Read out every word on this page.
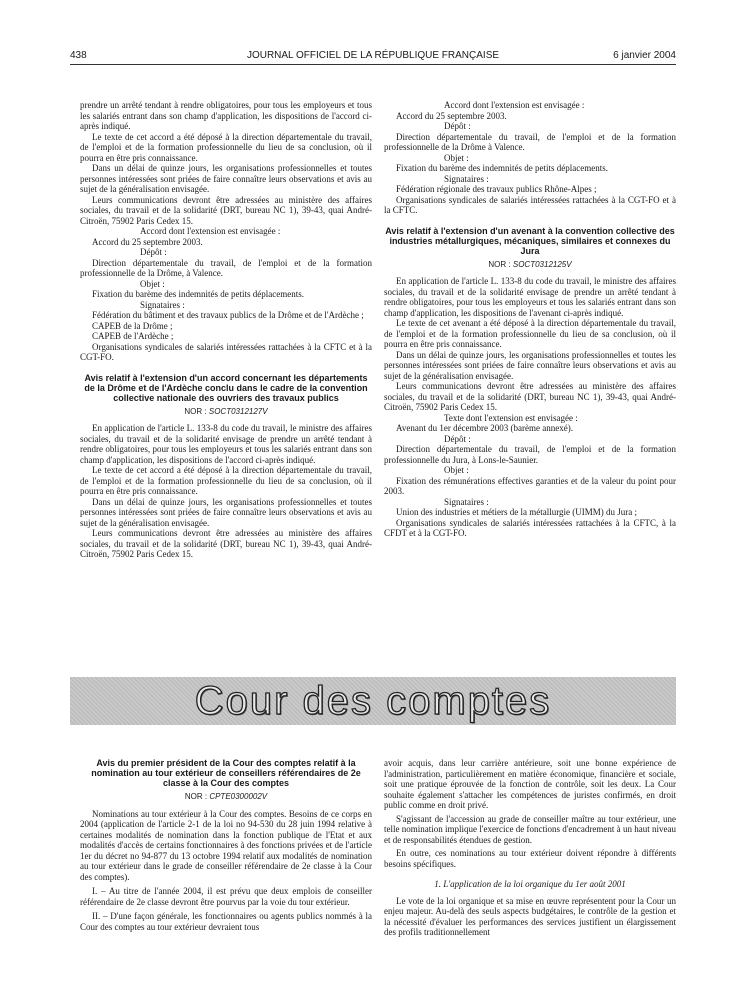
438	JOURNAL OFFICIEL DE LA RÉPUBLIQUE FRANÇAISE	6 janvier 2004

prendre un arrêté tendant à rendre obligatoires, pour tous les employeurs et tous les salariés entrant dans son champ d'application, les dispositions de l'accord ci-après indiqué.

Le texte de cet accord a été déposé à la direction départementale du travail, de l'emploi et de la formation professionnelle du lieu de sa conclusion, où il pourra en être pris connaissance.

Dans un délai de quinze jours, les organisations professionnelles et toutes personnes intéressées sont priées de faire connaître leurs observations et avis au sujet de la généralisation envisagée.

Leurs communications devront être adressées au ministère des affaires sociales, du travail et de la solidarité (DRT, bureau NC 1), 39-43, quai André-Citroën, 75902 Paris Cedex 15.

Accord dont l'extension est envisagée :

Accord du 25 septembre 2003.

Dépôt :

Direction départementale du travail, de l'emploi et de la formation professionnelle de la Drôme, à Valence.

Objet :

Fixation du barème des indemnités de petits déplacements.

Signataires :

Fédération du bâtiment et des travaux publics de la Drôme et de l'Ardèche ;

CAPEB de la Drôme ;

CAPEB de l'Ardèche ;

Organisations syndicales de salariés intéressées rattachées à la CFTC et à la CGT-FO.

Avis relatif à l'extension d'un accord concernant les départements de la Drôme et de l'Ardèche conclu dans le cadre de la convention collective nationale des ouvriers des travaux publics

NOR : SOCT0312127V

En application de l'article L. 133-8 du code du travail, le ministre des affaires sociales, du travail et de la solidarité envisage de prendre un arrêté tendant à rendre obligatoires, pour tous les employeurs et tous les salariés entrant dans son champ d'application, les dispositions de l'accord ci-après indiqué.

Le texte de cet accord a été déposé à la direction départementale du travail, de l'emploi et de la formation professionnelle du lieu de sa conclusion, où il pourra en être pris connaissance.

Dans un délai de quinze jours, les organisations professionnelles et toutes personnes intéressées sont priées de faire connaître leurs observations et avis au sujet de la généralisation envisagée.

Leurs communications devront être adressées au ministère des affaires sociales, du travail et de la solidarité (DRT, bureau NC 1), 39-43, quai André-Citroën, 75902 Paris Cedex 15.

Accord dont l'extension est envisagée :

Accord du 25 septembre 2003.

Dépôt :

Direction départementale du travail, de l'emploi et de la formation professionnelle de la Drôme à Valence.

Objet :

Fixation du barème des indemnités de petits déplacements.

Signataires :

Fédération régionale des travaux publics Rhône-Alpes ;

Organisations syndicales de salariés intéressées rattachées à la CGT-FO et à la CFTC.

Avis relatif à l'extension d'un avenant à la convention collective des industries métallurgiques, mécaniques, similaires et connexes du Jura

NOR : SOCT0312125V

En application de l'article L. 133-8 du code du travail, le ministre des affaires sociales, du travail et de la solidarité envisage de prendre un arrêté tendant à rendre obligatoires, pour tous les employeurs et tous les salariés entrant dans son champ d'application, les dispositions de l'avenant ci-après indiqué.

Le texte de cet avenant a été déposé à la direction départementale du travail, de l'emploi et de la formation professionnelle du lieu de sa conclusion, où il pourra en être pris connaissance.

Dans un délai de quinze jours, les organisations professionnelles et toutes les personnes intéressées sont priées de faire connaître leurs observations et avis au sujet de la généralisation envisagée.

Leurs communications devront être adressées au ministère des affaires sociales, du travail et de la solidarité (DRT, bureau NC 1), 39-43, quai André-Citroën, 75902 Paris Cedex 15.

Texte dont l'extension est envisagée :

Avenant du 1er décembre 2003 (barème annexé).

Dépôt :

Direction départementale du travail, de l'emploi et de la formation professionnelle du Jura, à Lons-le-Saunier.

Objet :

Fixation des rémunérations effectives garanties et de la valeur du point pour 2003.

Signataires :

Union des industries et métiers de la métallurgie (UIMM) du Jura ;

Organisations syndicales de salariés intéressées rattachées à la CFTC, à la CFDT et à la CGT-FO.

Cour des comptes
Avis du premier président de la Cour des comptes relatif à la nomination au tour extérieur de conseillers référendaires de 2e classe à la Cour des comptes

NOR : CPTE0300002V

Nominations au tour extérieur à la Cour des comptes. Besoins de ce corps en 2004 (application de l'article 2-1 de la loi no 94-530 du 28 juin 1994 relative à certaines modalités de nomination dans la fonction publique de l'Etat et aux modalités d'accès de certains fonctionnaires à des fonctions privées et de l'article 1er du décret no 94-877 du 13 octobre 1994 relatif aux modalités de nomination au tour extérieur dans le grade de conseiller référendaire de 2e classe à la Cour des comptes).

I. – Au titre de l'année 2004, il est prévu que deux emplois de conseiller référendaire de 2e classe devront être pourvus par la voie du tour extérieur.

II. – D'une façon générale, les fonctionnaires ou agents publics nommés à la Cour des comptes au tour extérieur devraient tous

avoir acquis, dans leur carrière antérieure, soit une bonne expérience de l'administration, particulièrement en matière économique, financière et sociale, soit une pratique éprouvée de la fonction de contrôle, soit les deux. La Cour souhaite également s'attacher les compétences de juristes confirmés, en droit public comme en droit privé.

S'agissant de l'accession au grade de conseiller maître au tour extérieur, une telle nomination implique l'exercice de fonctions d'encadrement à un haut niveau et de responsabilités étendues de gestion.

En outre, ces nominations au tour extérieur doivent répondre à différents besoins spécifiques.

1. L'application de la loi organique du 1er août 2001

Le vote de la loi organique et sa mise en œuvre représentent pour la Cour un enjeu majeur. Au-delà des seuls aspects budgétaires, le contrôle de la gestion et la nécessité d'évaluer les performances des services justifient un élargissement des profils traditionnellement
